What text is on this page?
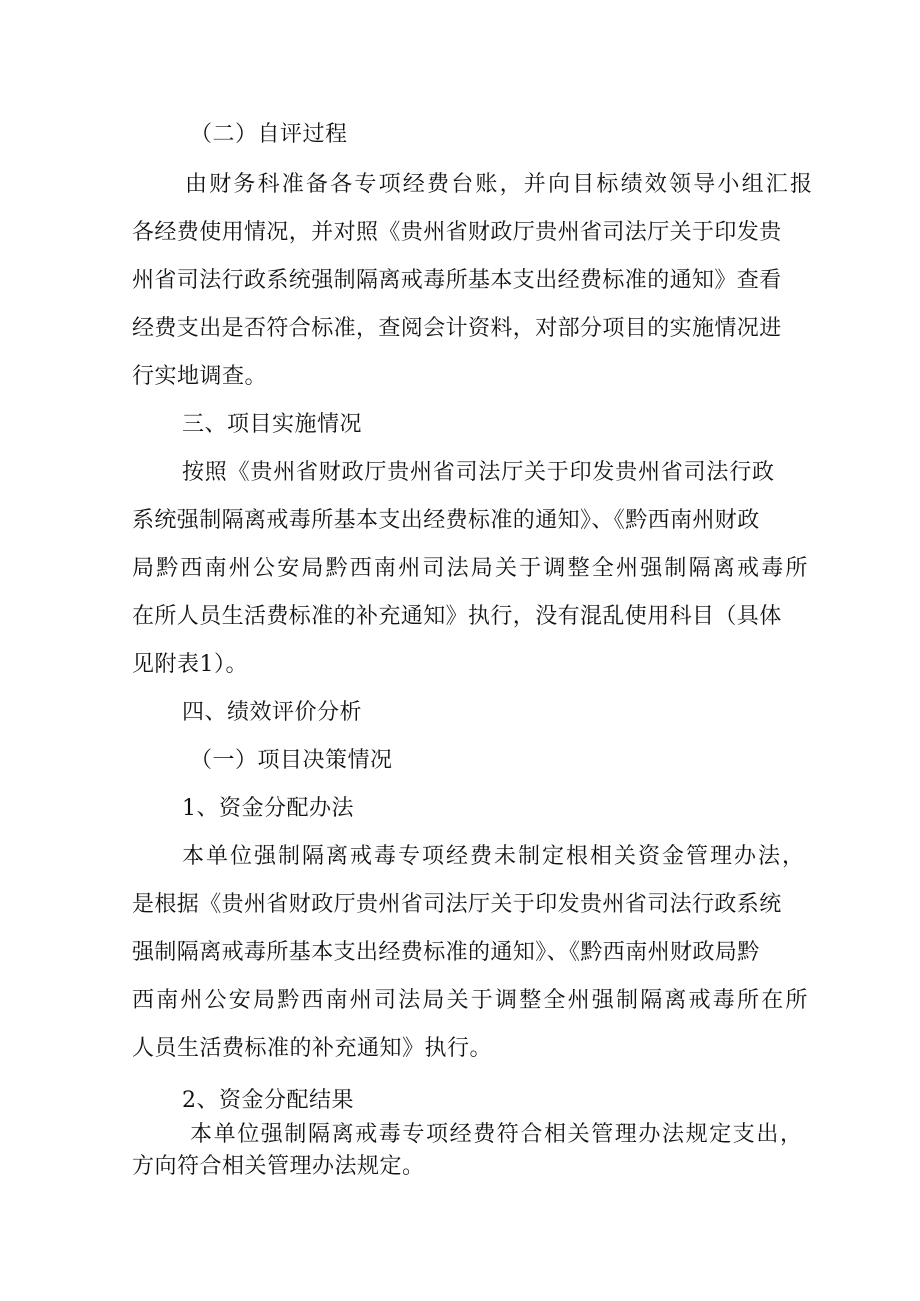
（二）自评过程
由财务科准备各专项经费台账，并向目标绩效领导小组汇报
各经费使用情况，并对照《贵州省财政厅贵州省司法厅关于印发贵
州省司法行政系统强制隔离戒毒所基本支出经费标准的通知》查看
经费支出是否符合标准，查阅会计资料，对部分项目的实施情况进
行实地调查。
三、项目实施情况
按照《贵州省财政厅贵州省司法厅关于印发贵州省司法行政
系统强制隔离戒毒所基本支出经费标准的通知》、《黔西南州财政
局黔西南州公安局黔西南州司法局关于调整全州强制隔离戒毒所
在所人员生活费标准的补充通知》执行，没有混乱使用科目（具体
见附表1）。
四、绩效评价分析
（一）项目决策情况
1、资金分配办法
本单位强制隔离戒毒专项经费未制定根相关资金管理办法，
是根据《贵州省财政厅贵州省司法厅关于印发贵州省司法行政系统
强制隔离戒毒所基本支出经费标准的通知》、《黔西南州财政局黔
西南州公安局黔西南州司法局关于调整全州强制隔离戒毒所在所
人员生活费标准的补充通知》执行。
2、资金分配结果
本单位强制隔离戒毒专项经费符合相关管理办法规定支出，
方向符合相关管理办法规定。
